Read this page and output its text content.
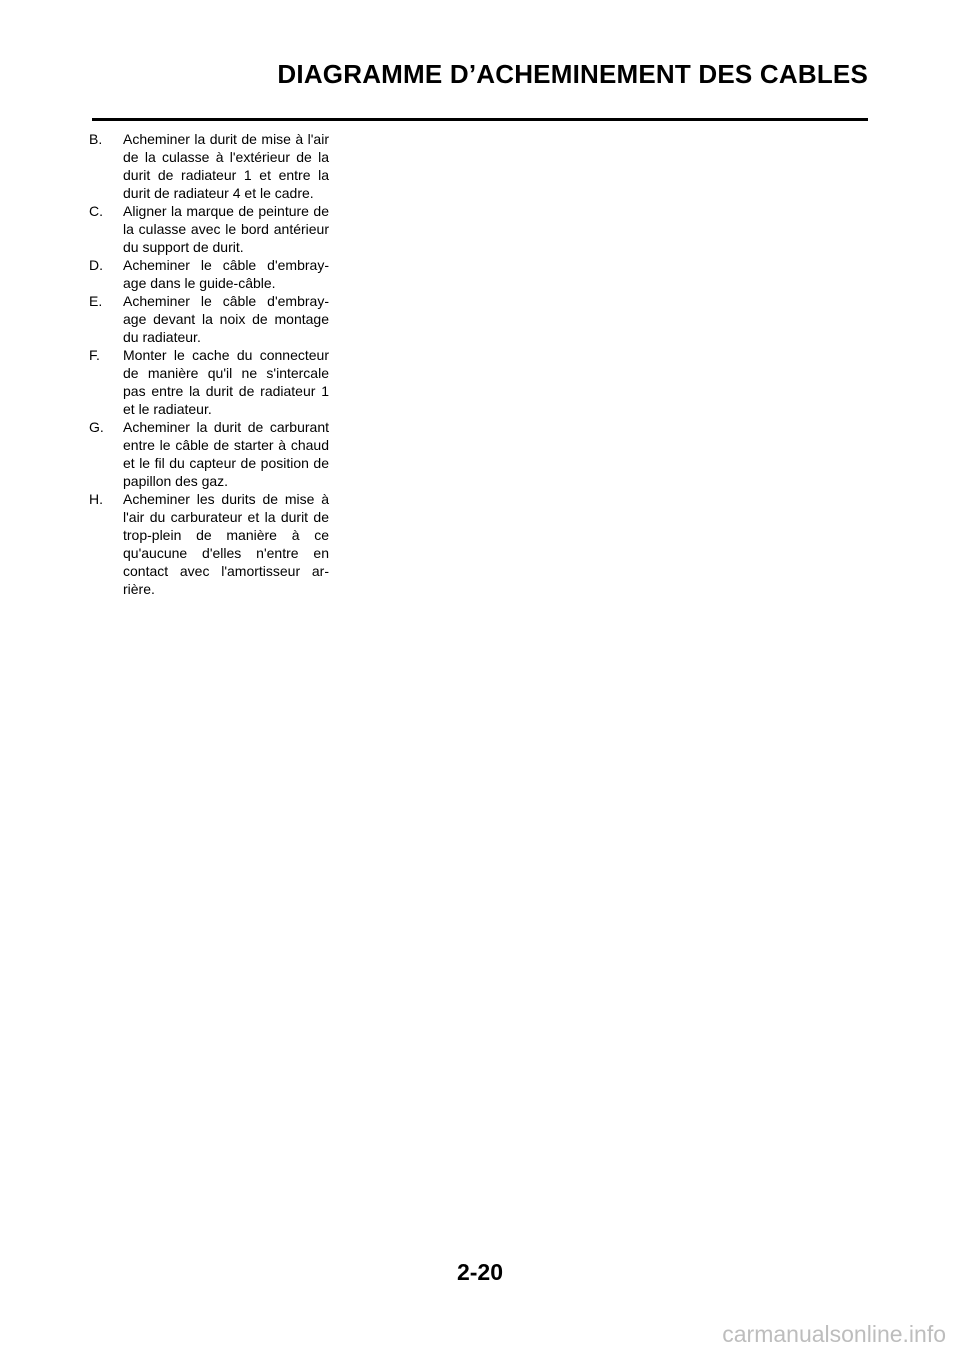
DIAGRAMME D’ACHEMINEMENT DES CABLES
B. Acheminer la durit de mise à l'air de la culasse à l'extérieur de la durit de radiateur 1 et entre la durit de radiateur 4 et le cadre.
C. Aligner la marque de peinture de la culasse avec le bord antérieur du support de durit.
D. Acheminer le câble d'embray-age dans le guide-câble.
E. Acheminer le câble d'embray-age devant la noix de montage du radiateur.
F. Monter le cache du connecteur de manière qu'il ne s'intercale pas entre la durit de radiateur 1 et le radiateur.
G. Acheminer la durit de carburant entre le câble de starter à chaud et le fil du capteur de position de papillon des gaz.
H. Acheminer les durits de mise à l'air du carburateur et la durit de trop-plein de manière à ce qu'aucune d'elles n'entre en contact avec l'amortisseur ar-rière.
2-20
carmanualsonline.info
